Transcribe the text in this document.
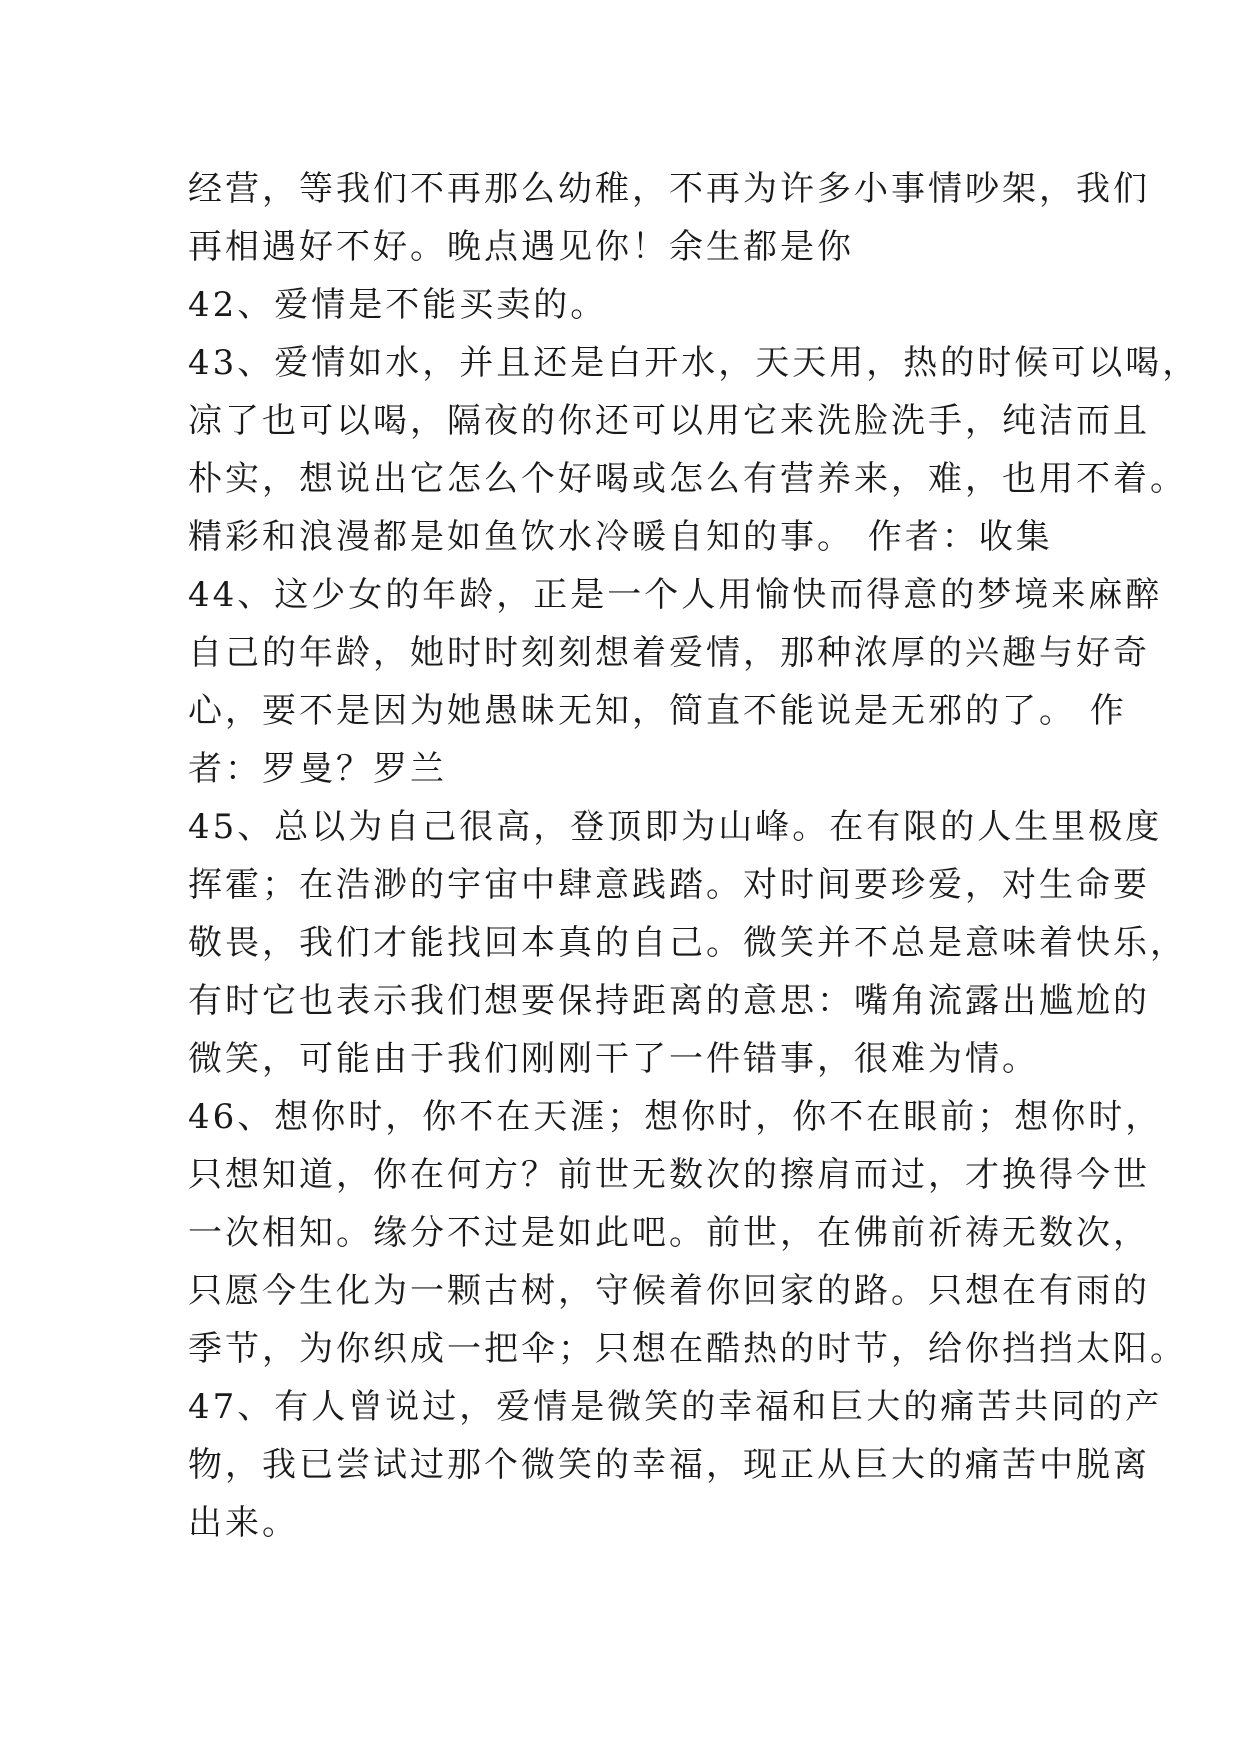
经营，等我们不再那么幼稚，不再为许多小事情吵架，我们
再相遇好不好。晚点遇见你！余生都是你
42、爱情是不能买卖的。
43、爱情如水，并且还是白开水，天天用，热的时候可以喝，
凉了也可以喝，隔夜的你还可以用它来洗脸洗手，纯洁而且
朴实，想说出它怎么个好喝或怎么有营养来，难，也用不着。
精彩和浪漫都是如鱼饮水冷暖自知的事。 作者：收集
44、这少女的年龄，正是一个人用愉快而得意的梦境来麻醉
自己的年龄，她时时刻刻想着爱情，那种浓厚的兴趣与好奇
心，要不是因为她愚昧无知，简直不能说是无邪的了。 作
者：罗曼？罗兰
45、总以为自己很高，登顶即为山峰。在有限的人生里极度
挥霍；在浩渺的宇宙中肆意践踏。对时间要珍爱，对生命要
敬畏，我们才能找回本真的自己。微笑并不总是意味着快乐，
有时它也表示我们想要保持距离的意思：嘴角流露出尴尬的
微笑，可能由于我们刚刚干了一件错事，很难为情。
46、想你时，你不在天涯；想你时，你不在眼前；想你时，
只想知道，你在何方？前世无数次的擦肩而过，才换得今世
一次相知。缘分不过是如此吧。前世，在佛前祈祷无数次，
只愿今生化为一颗古树，守候着你回家的路。只想在有雨的
季节，为你织成一把伞；只想在酷热的时节，给你挡挡太阳。
47、有人曾说过，爱情是微笑的幸福和巨大的痛苦共同的产
物，我已尝试过那个微笑的幸福，现正从巨大的痛苦中脱离
出来。
